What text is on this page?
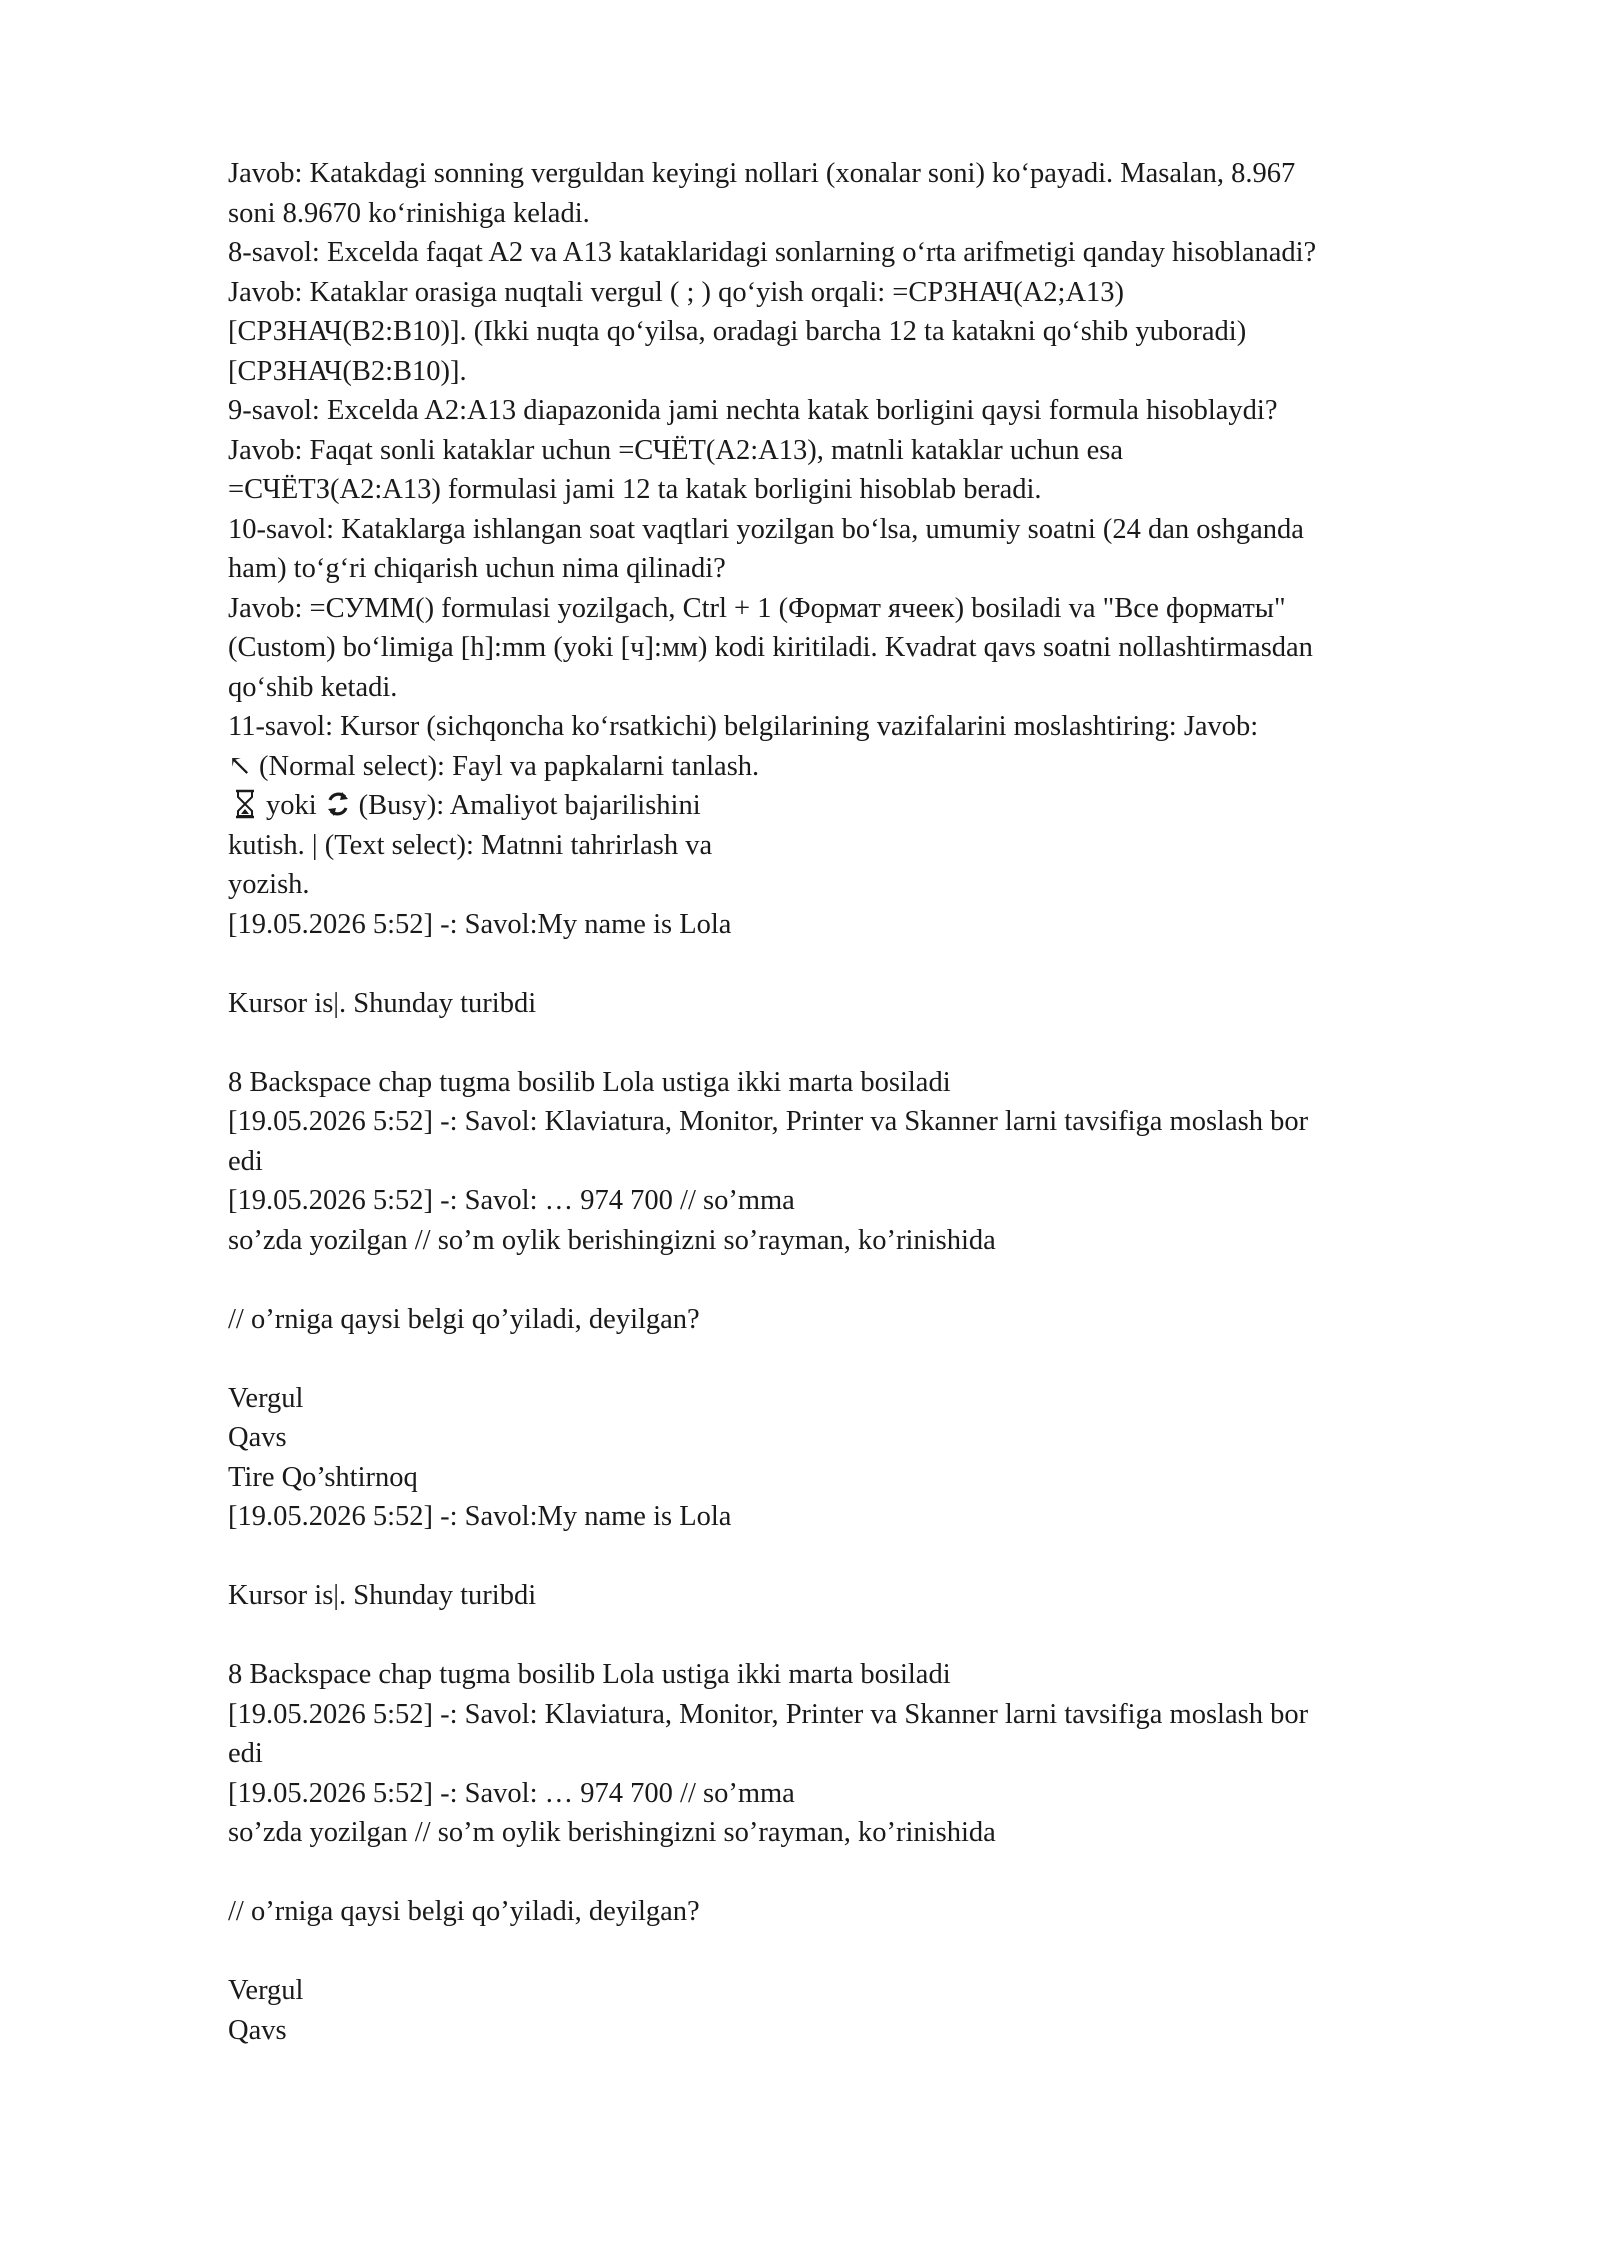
Javob: Katakdagi sonning verguldan keyingi nollari (xonalar soni) ko‘payadi. Masalan, 8.967
soni 8.9670 ko‘rinishiga keladi.
8-savol: Excelda faqat A2 va A13 kataklaridagi sonlarning o‘rta arifmetigi qanday hisoblanadi?
Javob: Kataklar orasiga nuqtali vergul ( ; ) qo‘yish orqali: =СРЗНАЧ(A2;A13)
[СРЗНАЧ(B2:B10)]. (Ikki nuqta qo‘yilsa, oradagi barcha 12 ta katakni qo‘shib yuboradi)
[СРЗНАЧ(B2:B10)].
9-savol: Excelda A2:A13 diapazonida jami nechta katak borligini qaysi formula hisoblaydi?
Javob: Faqat sonli kataklar uchun =СЧЁТ(A2:A13), matnli kataklar uchun esa
=СЧЁТЗ(A2:A13) formulasi jami 12 ta katak borligini hisoblab beradi.
10-savol: Kataklarga ishlangan soat vaqtlari yozilgan bo‘lsa, umumiy soatni (24 dan oshganda
ham) to‘g‘ri chiqarish uchun nima qilinadi?
Javob: =СУММ() formulasi yozilgach, Ctrl + 1 (Формат ячеек) bosiladi va "Все форматы"
(Custom) bo‘limiga [h]:mm (yoki [ч]:мм) kodi kiritiladi. Kvadrat qavs soatni nollashtirmasdan
qo‘shib ketadi.
11-savol: Kursor (sichqoncha ko‘rsatkichi) belgilarining vazifalarini moslashtiring: Javob:
↖ (Normal select): Fayl va papkalarni tanlash.
yoki (Busy): Amaliyot bajarilishini
kutish. | (Text select): Matnni tahrirlash va
yozish.
[19.05.2026 5:52] -: Savol:My name is Lola
Kursor is|. Shunday turibdi
8 Backspace chap tugma bosilib Lola ustiga ikki marta bosiladi
[19.05.2026 5:52] -: Savol: Klaviatura, Monitor, Printer va Skanner larni tavsifiga moslash bor
edi
[19.05.2026 5:52] -: Savol: … 974 700 // so’mma
so’zda yozilgan // so’m oylik berishingizni so’rayman, ko’rinishida
// o’rniga qaysi belgi qo’yiladi, deyilgan?
Vergul
Qavs
Tire Qo’shtirnoq
[19.05.2026 5:52] -: Savol:My name is Lola
Kursor is|. Shunday turibdi
8 Backspace chap tugma bosilib Lola ustiga ikki marta bosiladi
[19.05.2026 5:52] -: Savol: Klaviatura, Monitor, Printer va Skanner larni tavsifiga moslash bor
edi
[19.05.2026 5:52] -: Savol: … 974 700 // so’mma
so’zda yozilgan // so’m oylik berishingizni so’rayman, ko’rinishida
// o’rniga qaysi belgi qo’yiladi, deyilgan?
Vergul
Qavs
